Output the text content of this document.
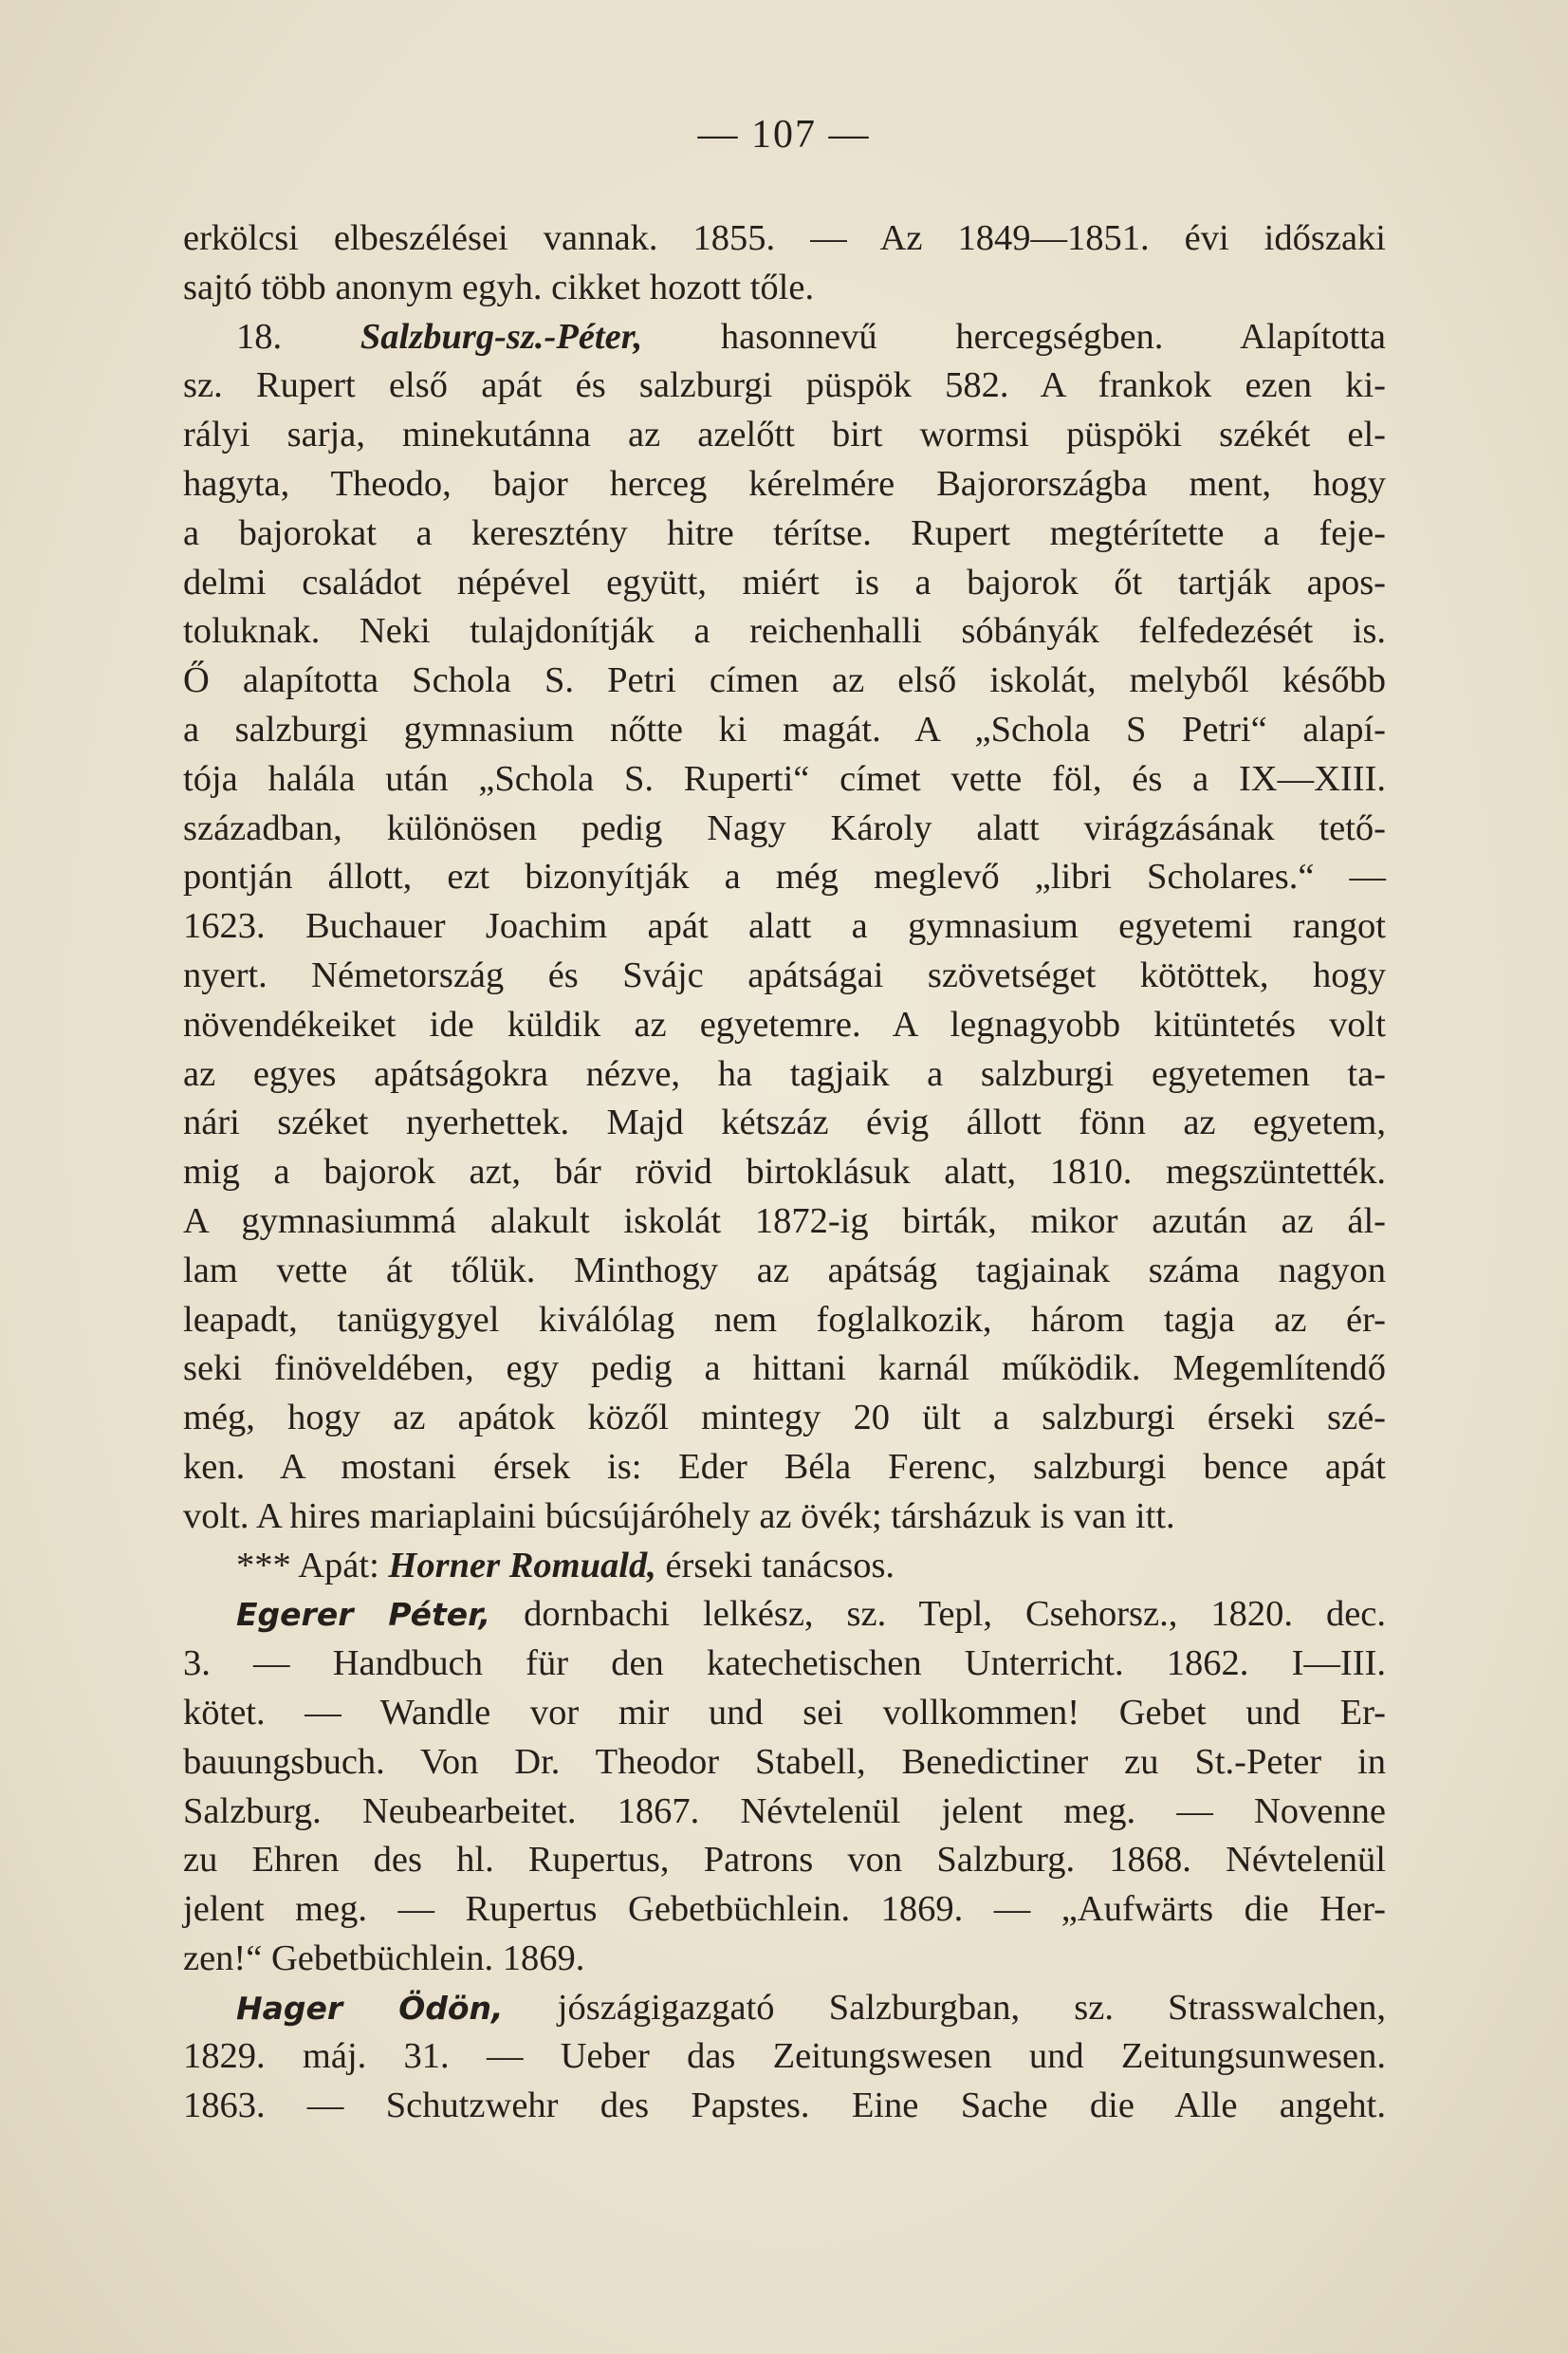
— 107 —
erkölcsi elbeszélései vannak. 1855. — Az 1849—1851. évi időszaki
sajtó több anonym egyh. cikket hozott tőle.
18. Salzburg-sz.-Péter, hasonnevű hercegségben. Alapította
sz. Rupert első apát és salzburgi püspök 582. A frankok ezen ki-
rályi sarja, minekutánna az azelőtt birt wormsi püspöki székét el-
hagyta, Theodo, bajor herceg kérelmére Bajorországba ment, hogy
a bajorokat a keresztény hitre térítse. Rupert megtérítette a feje-
delmi családot népével együtt, miért is a bajorok őt tartják apos-
toluknak. Neki tulajdonítják a reichenhalli sóbányák felfedezését is.
Ő alapította Schola S. Petri címen az első iskolát, melyből később
a salzburgi gymnasium nőtte ki magát. A „Schola S Petri“ alapí-
tója halála után „Schola S. Ruperti“ címet vette föl, és a IX—XIII.
században, különösen pedig Nagy Károly alatt virágzásának tető-
pontján állott, ezt bizonyítják a még meglevő „libri Scholares.“ —
1623. Buchauer Joachim apát alatt a gymnasium egyetemi rangot
nyert. Németország és Svájc apátságai szövetséget kötöttek, hogy
növendékeiket ide küldik az egyetemre. A legnagyobb kitüntetés volt
az egyes apátságokra nézve, ha tagjaik a salzburgi egyetemen ta-
nári széket nyerhettek. Majd kétszáz évig állott fönn az egyetem,
mig a bajorok azt, bár rövid birtoklásuk alatt, 1810. megszüntették.
A gymnasiummá alakult iskolát 1872-ig birták, mikor azután az ál-
lam vette át tőlük. Minthogy az apátság tagjainak száma nagyon
leapadt, tanügygyel kiválólag nem foglalkozik, három tagja az ér-
seki finöveldében, egy pedig a hittani karnál működik. Megemlítendő
még, hogy az apátok közől mintegy 20 ült a salzburgi érseki szé-
ken. A mostani érsek is: Eder Béla Ferenc, salzburgi bence apát
volt. A hires mariaplaini búcsújáróhely az övék; társházuk is van itt.
*** Apát: Horner Romuald, érseki tanácsos.
Egerer Péter, dornbachi lelkész, sz. Tepl, Csehorsz., 1820. dec.
3. — Handbuch für den katechetischen Unterricht. 1862. I—III.
kötet. — Wandle vor mir und sei vollkommen! Gebet und Er-
bauungsbuch. Von Dr. Theodor Stabell, Benedictiner zu St.-Peter in
Salzburg. Neubearbeitet. 1867. Névtelenül jelent meg. — Novenne
zu Ehren des hl. Rupertus, Patrons von Salzburg. 1868. Névtelenül
jelent meg. — Rupertus Gebetbüchlein. 1869. — „Aufwärts die Her-
zen!“ Gebetbüchlein. 1869.
Hager Ödön, jószágigazgató Salzburgban, sz. Strasswalchen,
1829. máj. 31. — Ueber das Zeitungswesen und Zeitungsunwesen.
1863. — Schutzwehr des Papstes. Eine Sache die Alle angeht.
